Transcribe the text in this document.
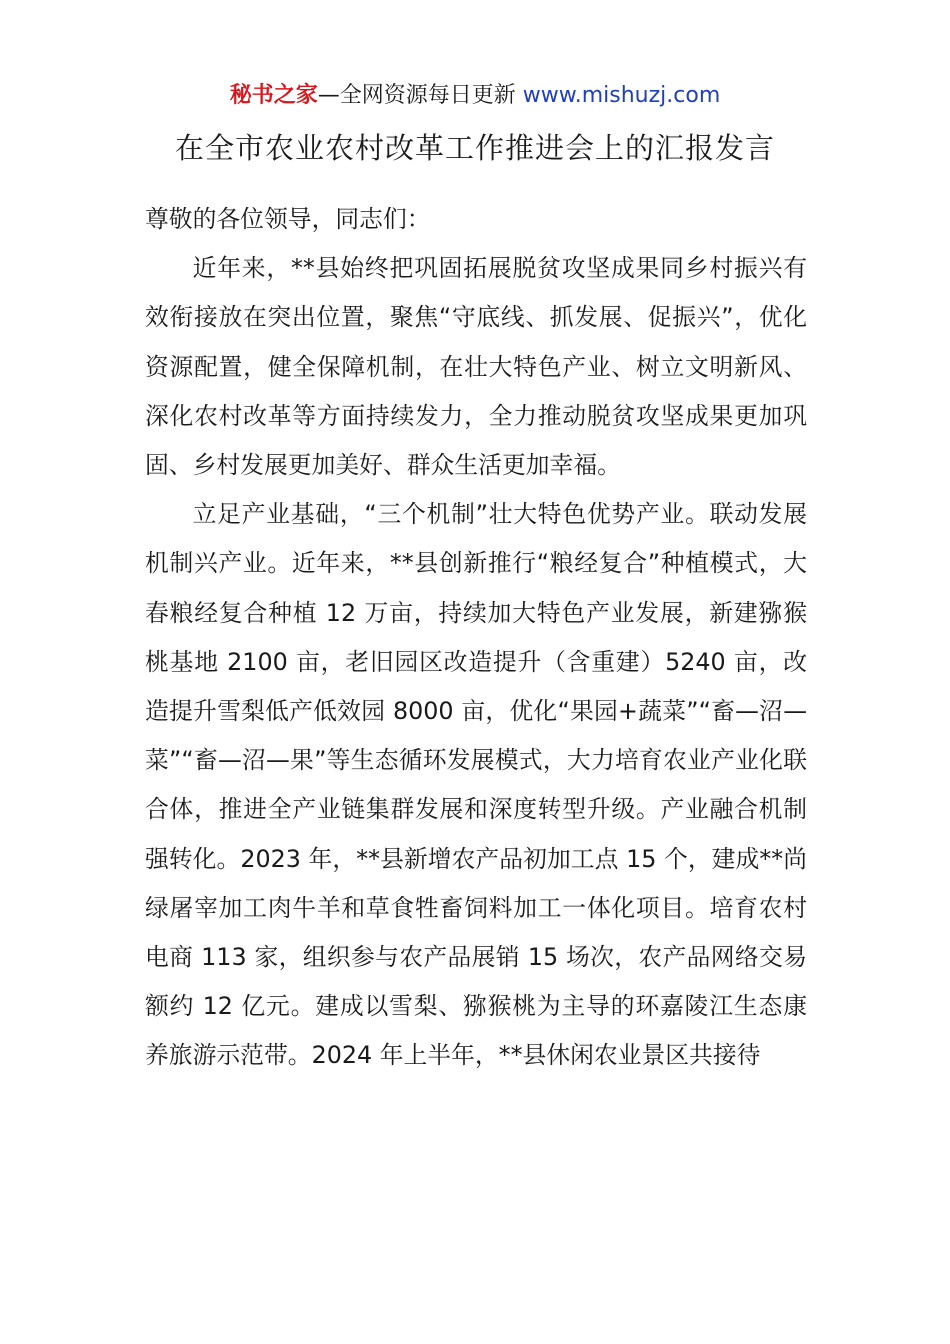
秘书之家—全网资源每日更新 www.mishuzj.com
在全市农业农村改革工作推进会上的汇报发言

尊敬的各位领导，同志们：

近年来，**县始终把巩固拓展脱贫攻坚成果同乡村振兴有效衔接放在突出位置，聚焦“守底线、抓发展、促振兴”，优化资源配置，健全保障机制，在壮大特色产业、树立文明新风、深化农村改革等方面持续发力，全力推动脱贫攻坚成果更加巩固、乡村发展更加美好、群众生活更加幸福。

立足产业基础，“三个机制”壮大特色优势产业。联动发展机制兴产业。近年来，**县创新推行“粮经复合”种植模式，大春粮经复合种植 12 万亩，持续加大特色产业发展，新建猕猴桃基地 2100 亩，老旧园区改造提升（含重建）5240 亩，改造提升雪梨低产低效园 8000 亩，优化“果园+蔬菜”“畜—沼—菜”“畜—沼—果”等生态循环发展模式，大力培育农业产业化联合体，推进全产业链集群发展和深度转型升级。产业融合机制强转化。2023 年，**县新增农产品初加工点 15 个，建成**尚绿屠宰加工肉牛羊和草食牲畜饲料加工一体化项目。培育农村电商 113 家，组织参与农产品展销 15 场次，农产品网络交易额约 12 亿元。建成以雪梨、猕猴桃为主导的环嘉陵江生态康养旅游示范带。2024 年上半年，**县休闲农业景区共接待
